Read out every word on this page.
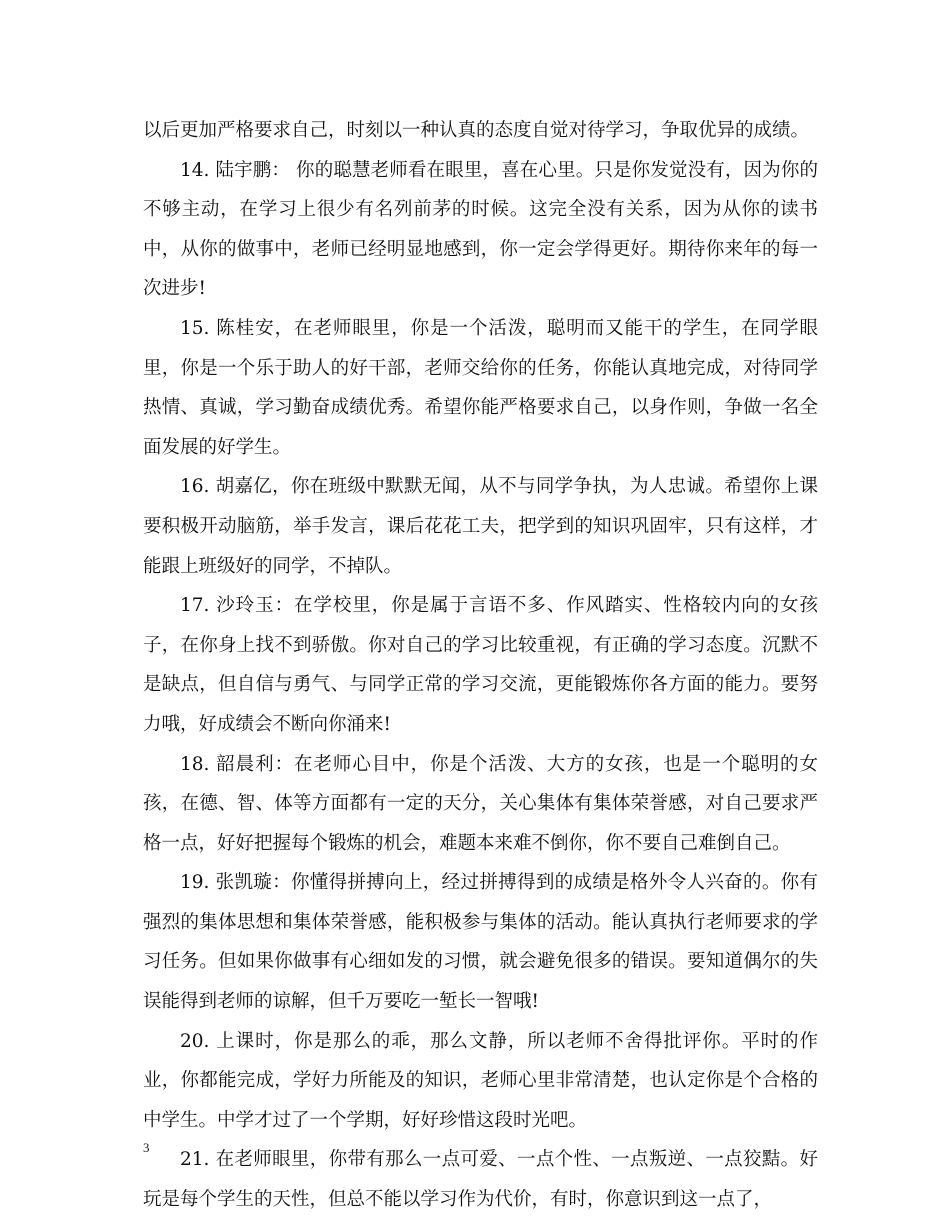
以后更加严格要求自己，时刻以一种认真的态度自觉对待学习，争取优异的成绩。

14. 陆宇鹏： 你的聪慧老师看在眼里，喜在心里。只是你发觉没有，因为你的不够主动，在学习上很少有名列前茅的时候。这完全没有关系，因为从你的读书中，从你的做事中，老师已经明显地感到，你一定会学得更好。期待你来年的每一次进步!

15. 陈桂安，在老师眼里，你是一个活泼，聪明而又能干的学生，在同学眼里，你是一个乐于助人的好干部，老师交给你的任务，你能认真地完成，对待同学热情、真诚，学习勤奋成绩优秀。希望你能严格要求自己，以身作则，争做一名全面发展的好学生。

16. 胡嘉亿，你在班级中默默无闻，从不与同学争执，为人忠诚。希望你上课要积极开动脑筋，举手发言，课后花花工夫，把学到的知识巩固牢，只有这样，才能跟上班级好的同学，不掉队。

17. 沙玲玉：在学校里，你是属于言语不多、作风踏实、性格较内向的女孩子，在你身上找不到骄傲。你对自己的学习比较重视，有正确的学习态度。沉默不是缺点，但自信与勇气、与同学正常的学习交流，更能锻炼你各方面的能力。要努力哦，好成绩会不断向你涌来!

18. 韶晨利：在老师心目中，你是个活泼、大方的女孩，也是一个聪明的女孩，在德、智、体等方面都有一定的天分，关心集体有集体荣誉感，对自己要求严格一点，好好把握每个锻炼的机会，难题本来难不倒你，你不要自己难倒自己。

19. 张凯璇：你懂得拼搏向上，经过拼搏得到的成绩是格外令人兴奋的。你有强烈的集体思想和集体荣誉感，能积极参与集体的活动。能认真执行老师要求的学习任务。但如果你做事有心细如发的习惯，就会避免很多的错误。要知道偶尔的失误能得到老师的谅解，但千万要吃一堑长一智哦!

20. 上课时，你是那么的乖，那么文静，所以老师不舍得批评你。平时的作业，你都能完成，学好力所能及的知识，老师心里非常清楚，也认定你是个合格的中学生。中学才过了一个学期，好好珍惜这段时光吧。

21. 在老师眼里，你带有那么一点可爱、一点个性、一点叛逆、一点狡黠。好玩是每个学生的天性，但总不能以学习作为代价，有时，你意识到这一点了，

3
